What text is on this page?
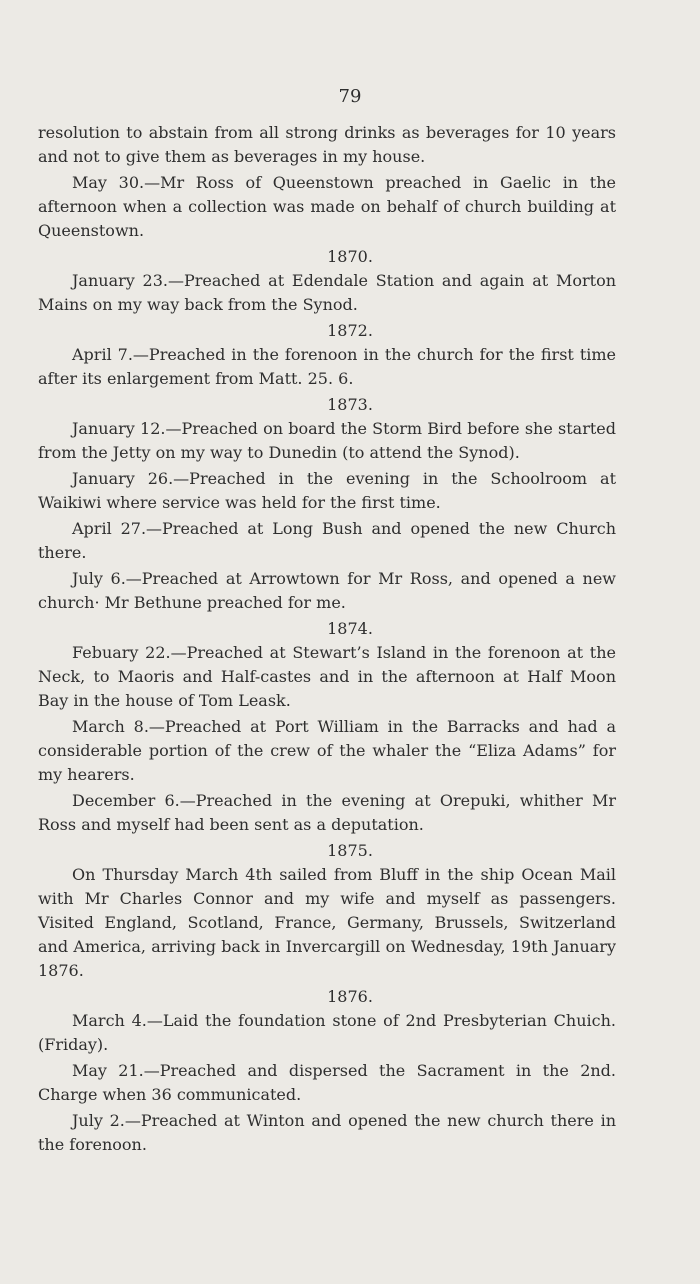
79

resolution to abstain from all strong drinks as beverages for 10 years and not to give them as beverages in my house.

May 30.—Mr Ross of Queenstown preached in Gaelic in the afternoon when a collection was made on behalf of church building at Queenstown.

1870.

January 23.—Preached at Edendale Station and again at Morton Mains on my way back from the Synod.

1872.

April 7.—Preached in the forenoon in the church for the first time after its enlargement from Matt. 25. 6.

1873.

January 12.—Preached on board the Storm Bird before she started from the Jetty on my way to Dunedin (to attend the Synod).

January 26.—Preached in the evening in the Schoolroom at Waikiwi where service was held for the first time.

April 27.—Preached at Long Bush and opened the new Church there.

July 6.—Preached at Arrowtown for Mr Ross, and opened a new church· Mr Bethune preached for me.

1874.

Febuary 22.—Preached at Stewart’s Island in the forenoon at the Neck, to Maoris and Half-castes and in the afternoon at Half Moon Bay in the house of Tom Leask.

March 8.—Preached at Port William in the Barracks and had a considerable portion of the crew of the whaler the “Eliza Adams” for my hearers.

December 6.—Preached in the evening at Orepuki, whither Mr Ross and myself had been sent as a deputation.

1875.

On Thursday March 4th sailed from Bluff in the ship Ocean Mail with Mr Charles Connor and my wife and myself as passengers. Visited England, Scotland, France, Germany, Brussels, Switzerland and America, arriving back in Invercargill on Wednesday, 19th January 1876.

1876.

March 4.—Laid the foundation stone of 2nd Presbyterian Chuich. (Friday).

May 21.—Preached and dispersed the Sacrament in the 2nd. Charge when 36 communicated.

July 2.—Preached at Winton and opened the new church there in the forenoon.
